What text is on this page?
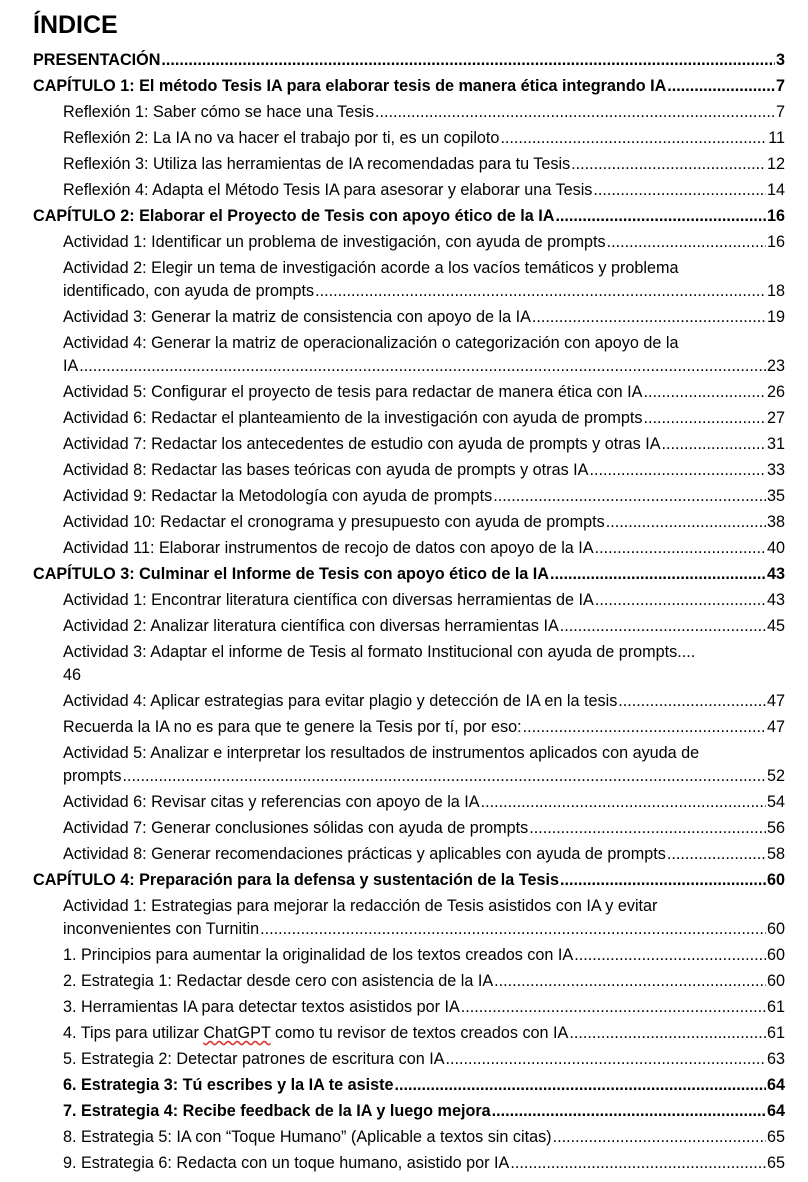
ÍNDICE
PRESENTACIÓN .....	3
CAPÍTULO 1: El método Tesis IA para elaborar tesis de manera ética integrando IA .....	7
Reflexión 1: Saber cómo se hace una Tesis .....	7
Reflexión 2: La IA no va hacer el trabajo por ti, es un copiloto .....	11
Reflexión 3: Utiliza las herramientas de IA recomendadas para tu Tesis .....	12
Reflexión 4: Adapta el Método Tesis IA para asesorar y elaborar una Tesis .....	14
CAPÍTULO 2: Elaborar el Proyecto de Tesis con apoyo ético de la IA .....	16
Actividad 1: Identificar un problema de investigación, con ayuda de prompts .....	16
Actividad 2: Elegir un tema de investigación acorde a los vacíos temáticos y problema
identificado, con ayuda de prompts .....	18
Actividad 3: Generar la matriz de consistencia con apoyo de la IA .....	19
Actividad 4: Generar la matriz de operacionalización o categorización con apoyo de la
IA .....	23
Actividad 5: Configurar el proyecto de tesis para redactar de manera ética con IA .....	26
Actividad 6: Redactar el planteamiento de la investigación con ayuda de prompts .....	27
Actividad 7: Redactar los antecedentes de estudio con ayuda de prompts y otras IA .....	31
Actividad 8: Redactar las bases teóricas con ayuda de prompts y otras IA .....	33
Actividad 9: Redactar la Metodología con ayuda de prompts .....	35
Actividad 10: Redactar el cronograma y presupuesto con ayuda de prompts .....	38
Actividad 11: Elaborar instrumentos de recojo de datos con apoyo de la IA .....	40
CAPÍTULO 3: Culminar el Informe de Tesis con apoyo ético de la IA .....	43
Actividad 1: Encontrar literatura científica con diversas herramientas de IA .....	43
Actividad 2: Analizar literatura científica con diversas herramientas IA .....	45
Actividad 3: Adaptar el informe de Tesis al formato Institucional con ayuda de prompts....
46
Actividad 4: Aplicar estrategias para evitar plagio y detección de IA en la tesis .....	47
Recuerda la IA no es para que te genere la Tesis por tí, por eso: .....	47
Actividad 5: Analizar e interpretar los resultados de instrumentos aplicados con ayuda de
prompts .....	52
Actividad 6: Revisar citas y referencias con apoyo de la IA .....	54
Actividad 7: Generar conclusiones sólidas con ayuda de prompts .....	56
Actividad 8: Generar recomendaciones prácticas y aplicables con ayuda de prompts .....	58
CAPÍTULO 4: Preparación para la defensa y sustentación de la Tesis .....	60
Actividad 1: Estrategias para mejorar la redacción de Tesis asistidos con IA y evitar
inconvenientes con Turnitin .....	60
1. Principios para aumentar la originalidad de los textos creados con IA .....	60
2. Estrategia 1: Redactar desde cero con asistencia de la IA .....	60
3. Herramientas IA para detectar textos asistidos por IA .....	61
4. Tips para utilizar ChatGPT como tu revisor de textos creados con IA .....	61
5. Estrategia 2: Detectar patrones de escritura con IA .....	63
6. Estrategia 3: Tú escribes y la IA te asiste .....	64
7. Estrategia 4: Recibe feedback de la IA y luego mejora .....	64
8. Estrategia 5: IA con “Toque Humano” (Aplicable a textos sin citas) .....	65
9. Estrategia 6: Redacta con un toque humano, asistido por IA .....	65
